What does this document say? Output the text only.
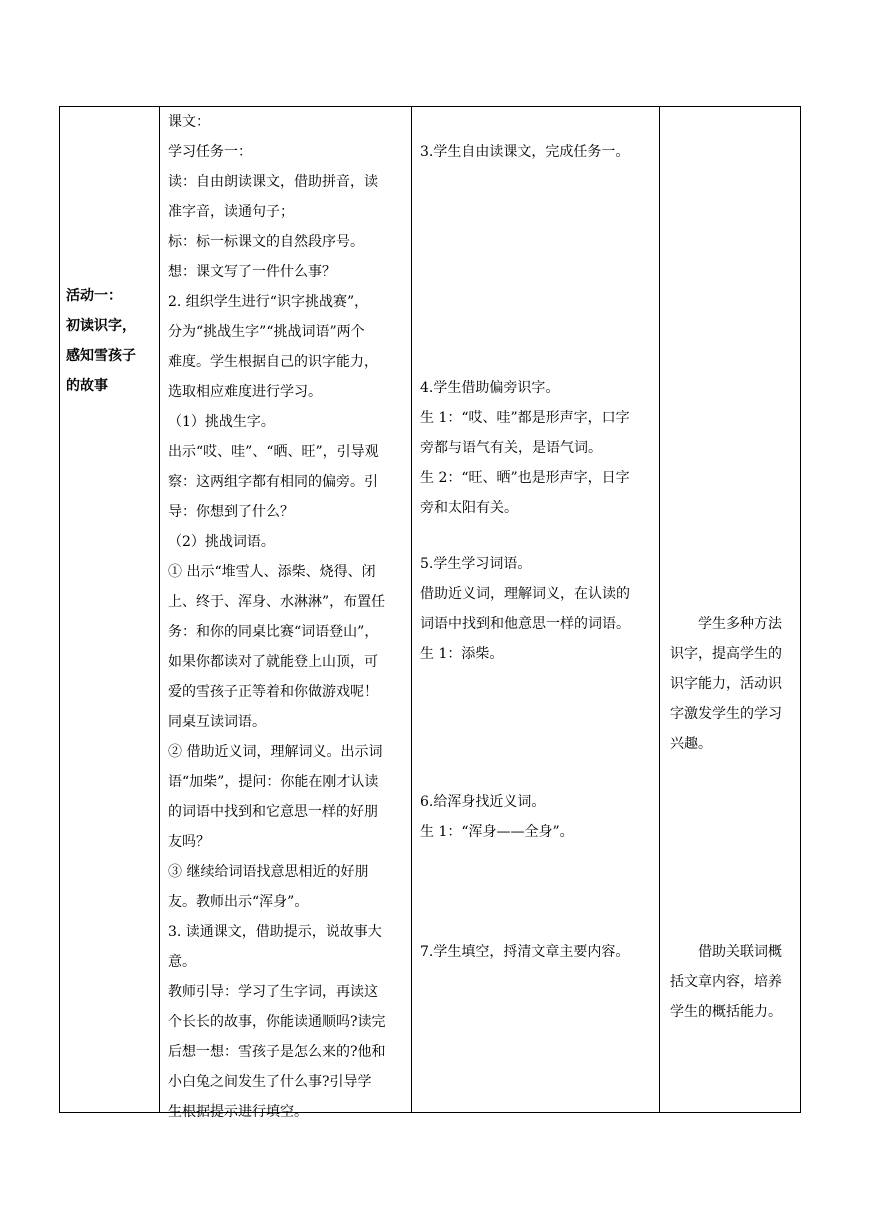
活动一：
初读识字，
感知雪孩子
的故事

课文：
学习任务一：
读：自由朗读课文，借助拼音，读
准字音，读通句子；
标：标一标课文的自然段序号。
想：课文写了一件什么事？
2. 组织学生进行“识字挑战赛”，
分为“挑战生字”“挑战词语”两个
难度。学生根据自己的识字能力，
选取相应难度进行学习。
（1）挑战生字。
出示“哎、哇”、“晒、旺”，引导观
察：这两组字都有相同的偏旁。引
导：你想到了什么？
（2）挑战词语。
① 出示“堆雪人、添柴、烧得、闭
上、终于、浑身、水淋淋”，布置任
务：和你的同桌比赛“词语登山”，
如果你都读对了就能登上山顶，可
爱的雪孩子正等着和你做游戏呢！
同桌互读词语。
② 借助近义词，理解词义。出示词
语“加柴”，提问：你能在刚才认读
的词语中找到和它意思一样的好朋
友吗？
③ 继续给词语找意思相近的好朋
友。教师出示“浑身”。
3. 读通课文，借助提示，说故事大
意。
教师引导：学习了生字词，再读这
个长长的故事，你能读通顺吗?读完
后想一想：雪孩子是怎么来的?他和
小白兔之间发生了什么事?引导学
生根据提示进行填空。

3.学生自由读课文，完成任务一。
4.学生借助偏旁识字。
生 1：“哎、哇”都是形声字，口字
旁都与语气有关，是语气词。
生 2：“旺、晒”也是形声字，日字
旁和太阳有关。
5.学生学习词语。
借助近义词，理解词义，在认读的
词语中找到和他意思一样的词语。
生 1：添柴。
6.给浑身找近义词。
生 1：“浑身——全身”。
7.学生填空，捋清文章主要内容。

　　学生多种方法
识字，提高学生的
识字能力，活动识
字激发学生的学习
兴趣。
　　借助关联词概
括文章内容，培养
学生的概括能力。
